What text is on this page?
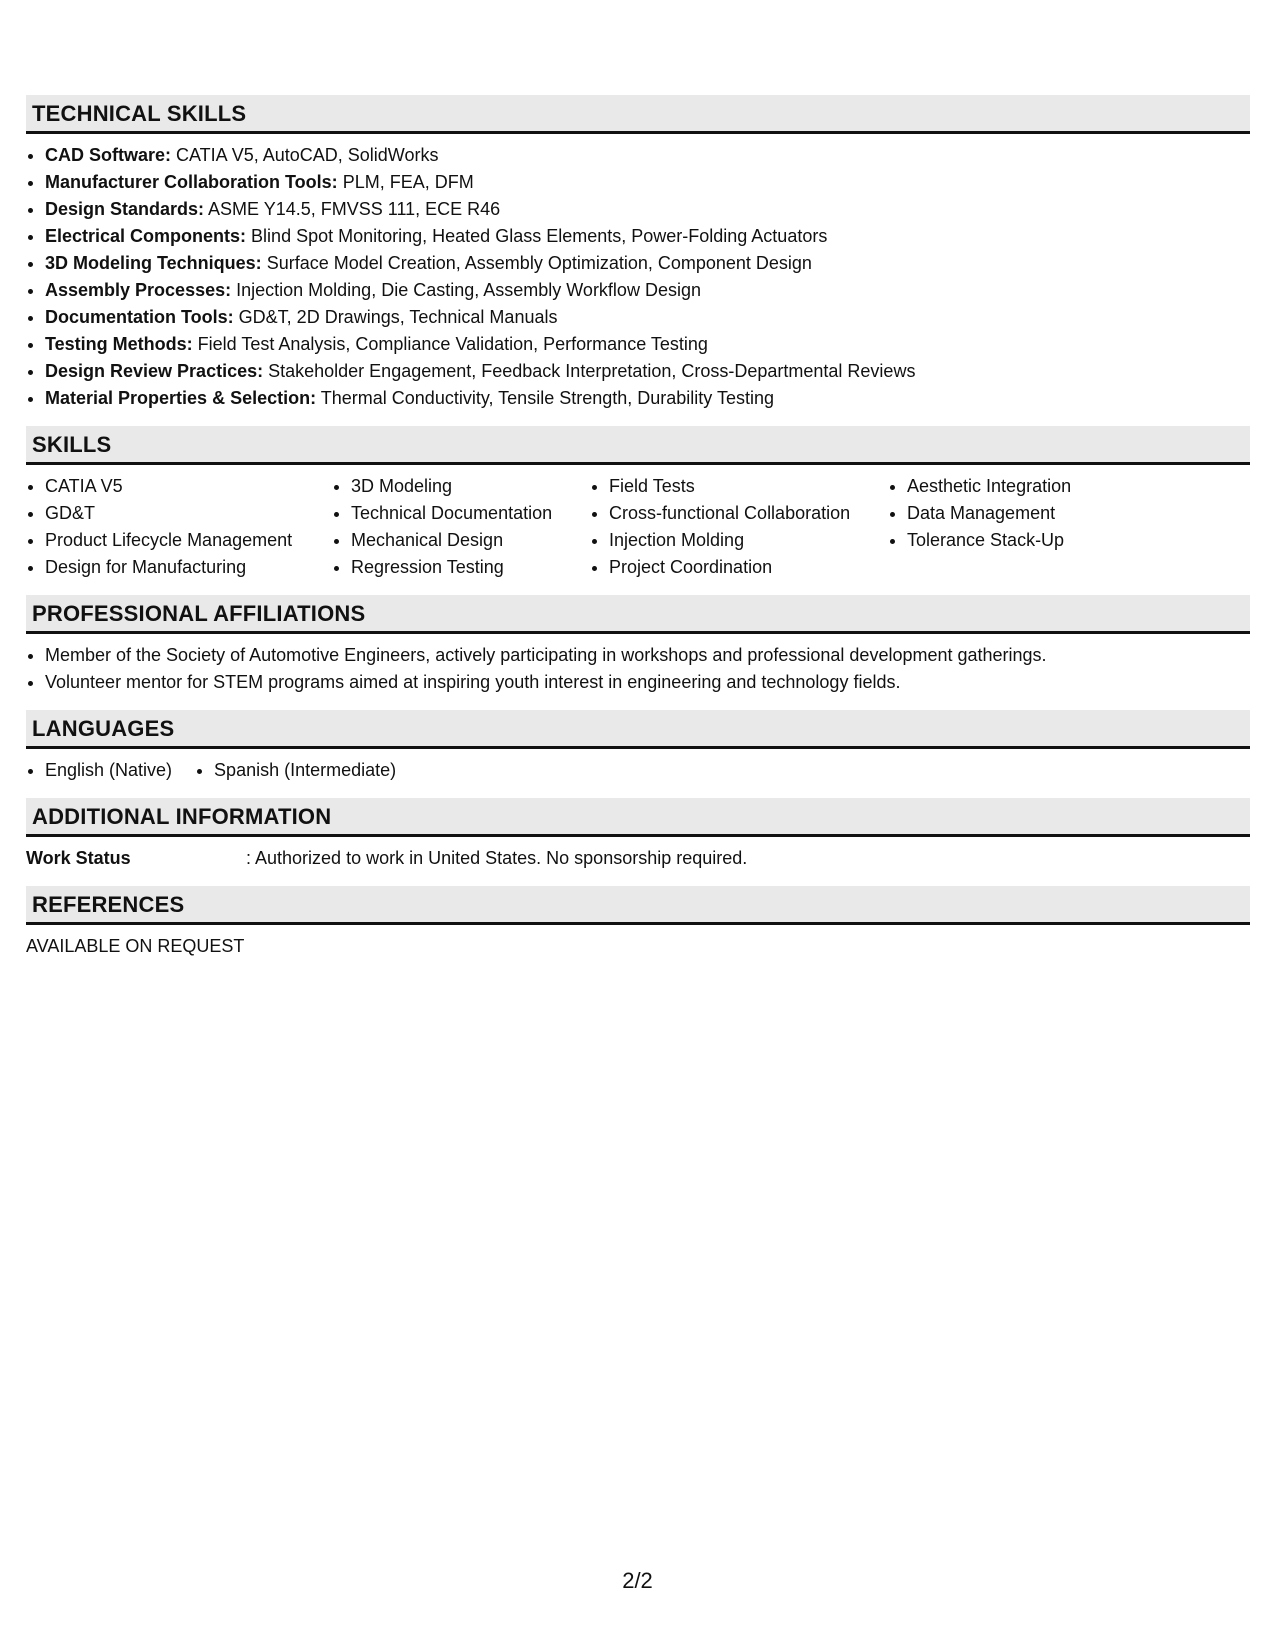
TECHNICAL SKILLS
• CAD Software: CATIA V5, AutoCAD, SolidWorks
• Manufacturer Collaboration Tools: PLM, FEA, DFM
• Design Standards: ASME Y14.5, FMVSS 111, ECE R46
• Electrical Components: Blind Spot Monitoring, Heated Glass Elements, Power-Folding Actuators
• 3D Modeling Techniques: Surface Model Creation, Assembly Optimization, Component Design
• Assembly Processes: Injection Molding, Die Casting, Assembly Workflow Design
• Documentation Tools: GD&T, 2D Drawings, Technical Manuals
• Testing Methods: Field Test Analysis, Compliance Validation, Performance Testing
• Design Review Practices: Stakeholder Engagement, Feedback Interpretation, Cross-Departmental Reviews
• Material Properties & Selection: Thermal Conductivity, Tensile Strength, Durability Testing
SKILLS
• CATIA V5
• GD&T
• Product Lifecycle Management
• Design for Manufacturing
• 3D Modeling
• Technical Documentation
• Mechanical Design
• Regression Testing
• Field Tests
• Cross-functional Collaboration
• Injection Molding
• Project Coordination
• Aesthetic Integration
• Data Management
• Tolerance Stack-Up
PROFESSIONAL AFFILIATIONS
• Member of the Society of Automotive Engineers, actively participating in workshops and professional development gatherings.
• Volunteer mentor for STEM programs aimed at inspiring youth interest in engineering and technology fields.
LANGUAGES
• English (Native)
• Spanish (Intermediate)
ADDITIONAL INFORMATION
Work Status	: Authorized to work in United States. No sponsorship required.
REFERENCES
AVAILABLE ON REQUEST
2/2
